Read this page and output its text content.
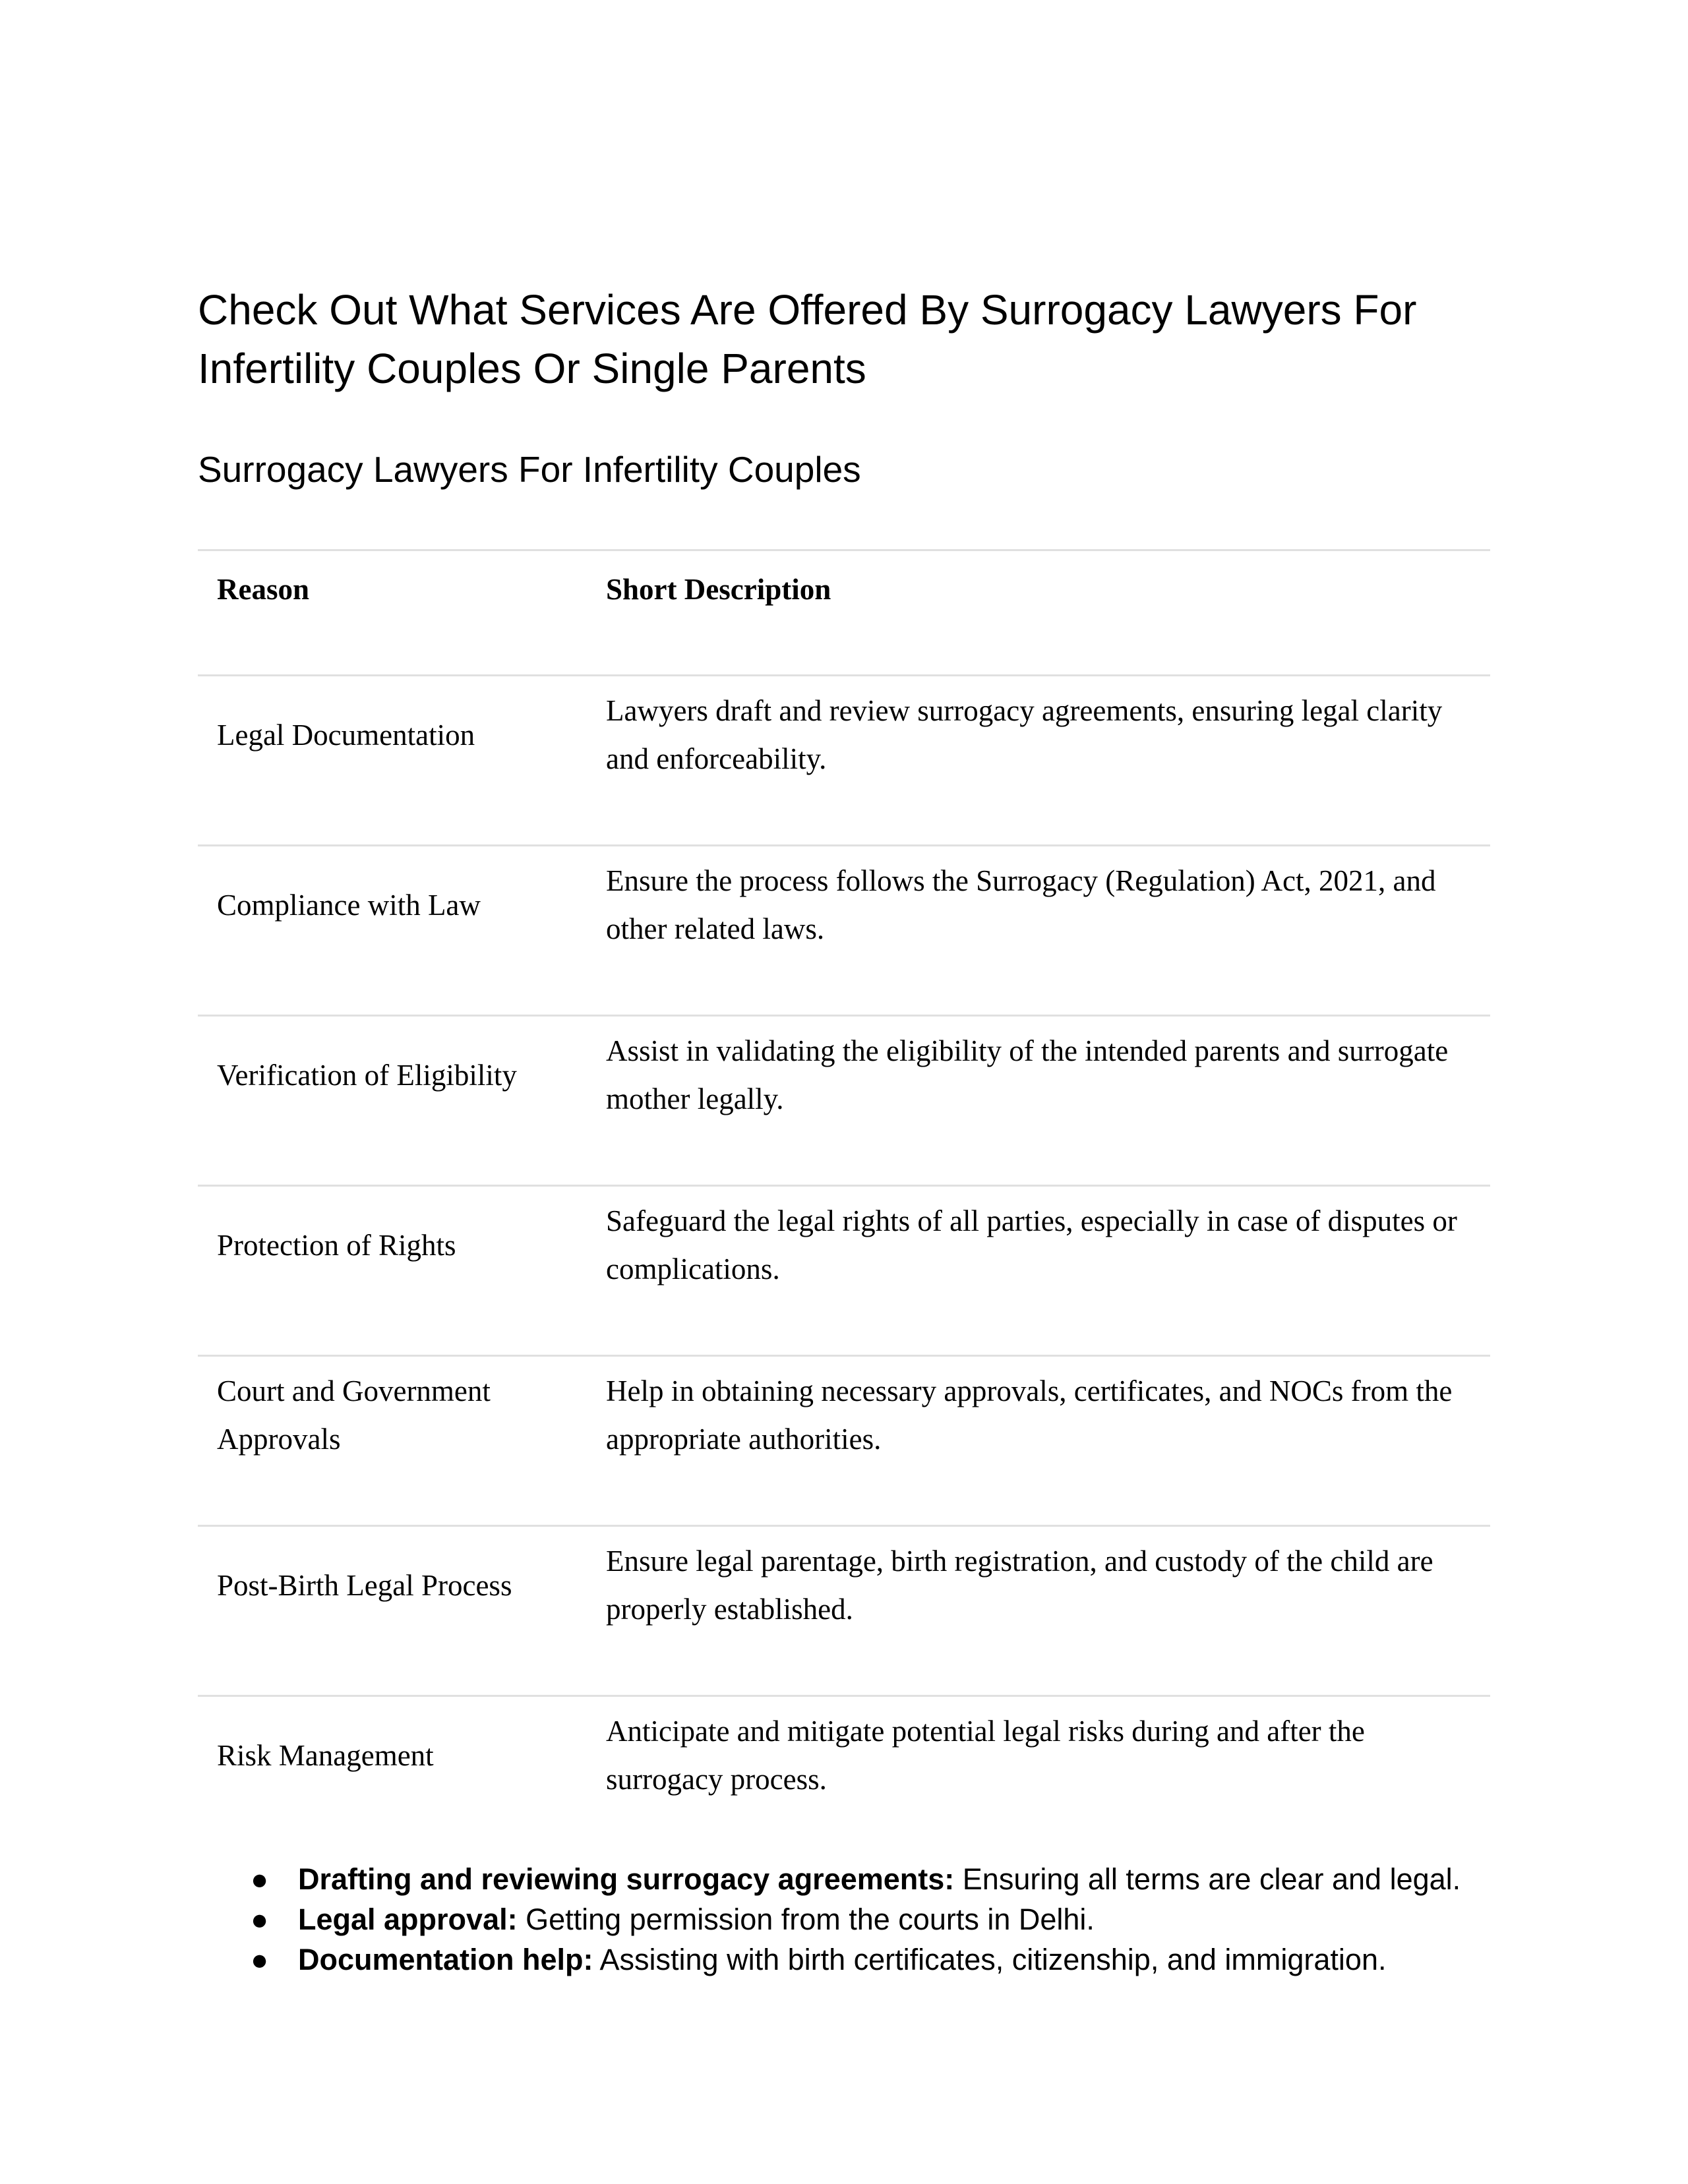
Check Out What Services Are Offered By Surrogacy Lawyers For Infertility Couples Or Single Parents
Surrogacy Lawyers For Infertility Couples
Reason	Short Description
Legal Documentation
Lawyers draft and review surrogacy agreements, ensuring legal clarity and enforceability.
Compliance with Law
Ensure the process follows the Surrogacy (Regulation) Act, 2021, and other related laws.
Verification of Eligibility
Assist in validating the eligibility of the intended parents and surrogate mother legally.
Protection of Rights
Safeguard the legal rights of all parties, especially in case of disputes or complications.
Court and Government Approvals
Help in obtaining necessary approvals, certificates, and NOCs from the appropriate authorities.
Post-Birth Legal Process
Ensure legal parentage, birth registration, and custody of the child are properly established.
Risk Management
Anticipate and mitigate potential legal risks during and after the surrogacy process.
● Drafting and reviewing surrogacy agreements: Ensuring all terms are clear and legal.
● Legal approval: Getting permission from the courts in Delhi.
● Documentation help: Assisting with birth certificates, citizenship, and immigration.
